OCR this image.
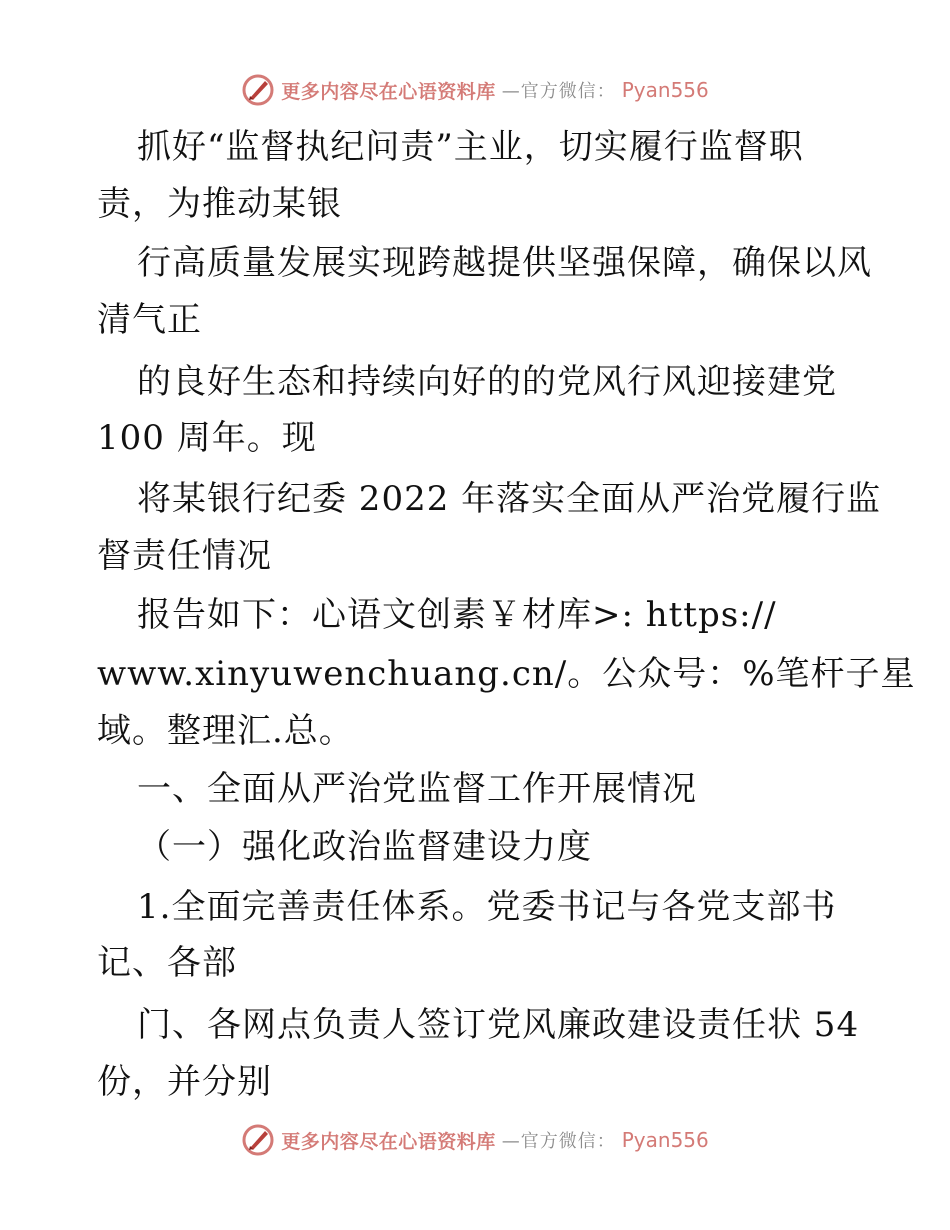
更多内容尽在心语资料库 —官方微信： Pyan556
抓好“监督执纪问责”主业，切实履行监督职
责，为推动某银
行高质量发展实现跨越提供坚强保障，确保以风
清气正
的良好生态和持续向好的的党风行风迎接建党
100 周年。现
将某银行纪委 2022 年落实全面从严治党履行监
督责任情况
报告如下：心语文创素￥材库>: https://
www.xinyuwenchuang.cn/。公众号：%笔杆子星
域。整理汇.总。
一、全面从严治党监督工作开展情况
（一）强化政治监督建设力度
1.全面完善责任体系。党委书记与各党支部书
记、各部
门、各网点负责人签订党风廉政建设责任状 54
份，并分别
更多内容尽在心语资料库 —官方微信： Pyan556
